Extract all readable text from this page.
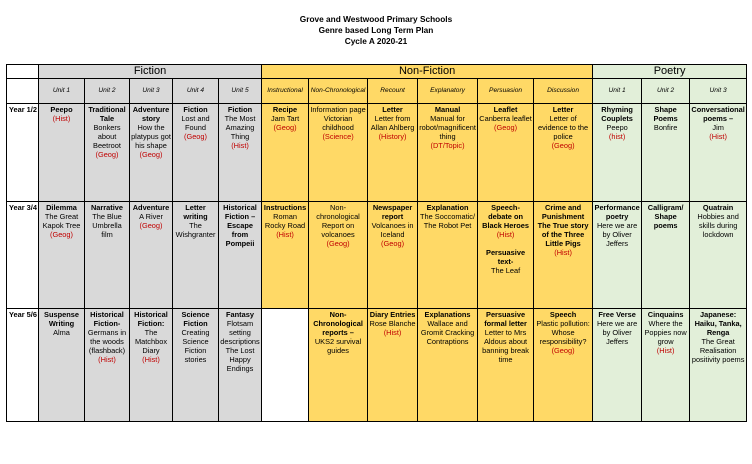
Grove and Westwood Primary Schools
Genre based Long Term Plan
Cycle A 2020-21
	Fiction					Non-Fiction						Poetry		
	Unit 1	Unit 2	Unit 3	Unit 4	Unit 5	Instructional	Non-Chronological	Recount	Explanatory	Persuasion	Discussion	Unit 1	Unit 2	Unit 3
Year 1/2	Peepo
(Hist)	Traditional Tale
Bonkers about Beetroot
(Geog)	Adventure story
How the platypus got his shape
(Geog)	Fiction
Lost and Found
(Geog)	Fiction
The Most Amazing Thing
(Hist)	Recipe
Jam Tart
(Geog)	Information page
Victorian childhood
(Science)	Letter
Letter from Allan Ahlberg
(History)	Manual
Manual for robot/magnificent thing
(DT/Topic)	Leaflet
Canberra leaflet
(Geog)	Letter
Letter of evidence to the police
(Geog)	Rhyming Couplets
Peepo
(hist)	Shape Poems
Bonfire	Conversational poems –
Jim
(Hist)

Year 3/4	Dilemma
The Great Kapok Tree
(Geog)	Narrative
The Blue Umbrella film	Adventure
A River
(Geog)	Letter writing
The Wishgranter	Historical Fiction – Escape from Pompeii	Instructions
Roman Rocky Road
(Hist)	Non-chronological Report on volcanoes
(Geog)	Newspaper report
Volcanoes in Iceland
(Geog)	Explanation
The Soccomatic/ The Robot Pet	Speech- debate on Black Heroes
(Hist)
Persuasive text-
The Leaf	Crime and Punishment The True story of the Three Little Pigs
(Hist)	Performance poetry
Here we are by Oliver Jeffers	Calligram/ Shape poems	Quatrain
Hobbies and skills during lockdown

Year 5/6	Suspense Writing
Alma	Historical Fiction-
Germans in the woods (flashback)
(Hist)	Historical Fiction:
The Matchbox Diary
(Hist)	Science Fiction
Creating Science Fiction stories	Fantasy
Flotsam setting descriptions
The Lost Happy Endings		Non-Chronological reports –
UKS2 survival guides	Diary Entries
Rose Blanche
(Hist)	Explanations
Wallace and Gromit Cracking Contraptions	Persuasive formal letter
Letter to Mrs Aldous about banning break time	Speech
Plastic pollution: Whose responsibility?
(Geog)	Free Verse
Here we are by Oliver Jeffers	Cinquains
Where the Poppies now grow
(Hist)	Japanese: Haiku, Tanka, Renga
The Great Realisation positivity poems
